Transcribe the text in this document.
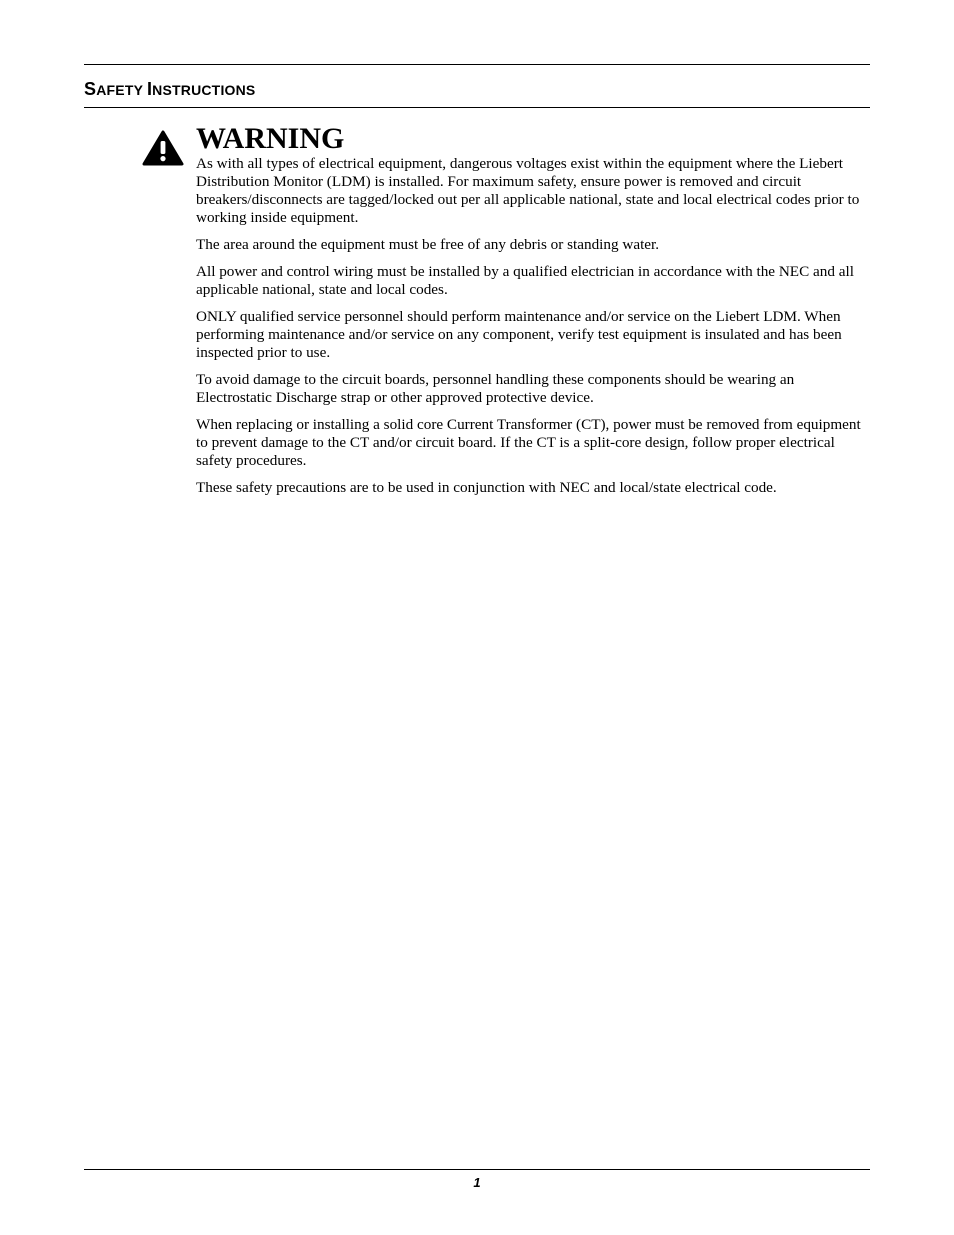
SAFETY INSTRUCTIONS
WARNING

As with all types of electrical equipment, dangerous voltages exist within the equipment where the Liebert Distribution Monitor (LDM) is installed. For maximum safety, ensure power is removed and circuit breakers/disconnects are tagged/locked out per all applicable national, state and local electrical codes prior to working inside equipment.

The area around the equipment must be free of any debris or standing water.

All power and control wiring must be installed by a qualified electrician in accordance with the NEC and all applicable national, state and local codes.

ONLY qualified service personnel should perform maintenance and/or service on the Liebert LDM. When performing maintenance and/or service on any component, verify test equipment is insulated and has been inspected prior to use.

To avoid damage to the circuit boards, personnel handling these components should be wearing an Electrostatic Discharge strap or other approved protective device.

When replacing or installing a solid core Current Transformer (CT), power must be removed from equipment to prevent damage to the CT and/or circuit board. If the CT is a split-core design, follow proper electrical safety procedures.

These safety precautions are to be used in conjunction with NEC and local/state electrical code.

1
